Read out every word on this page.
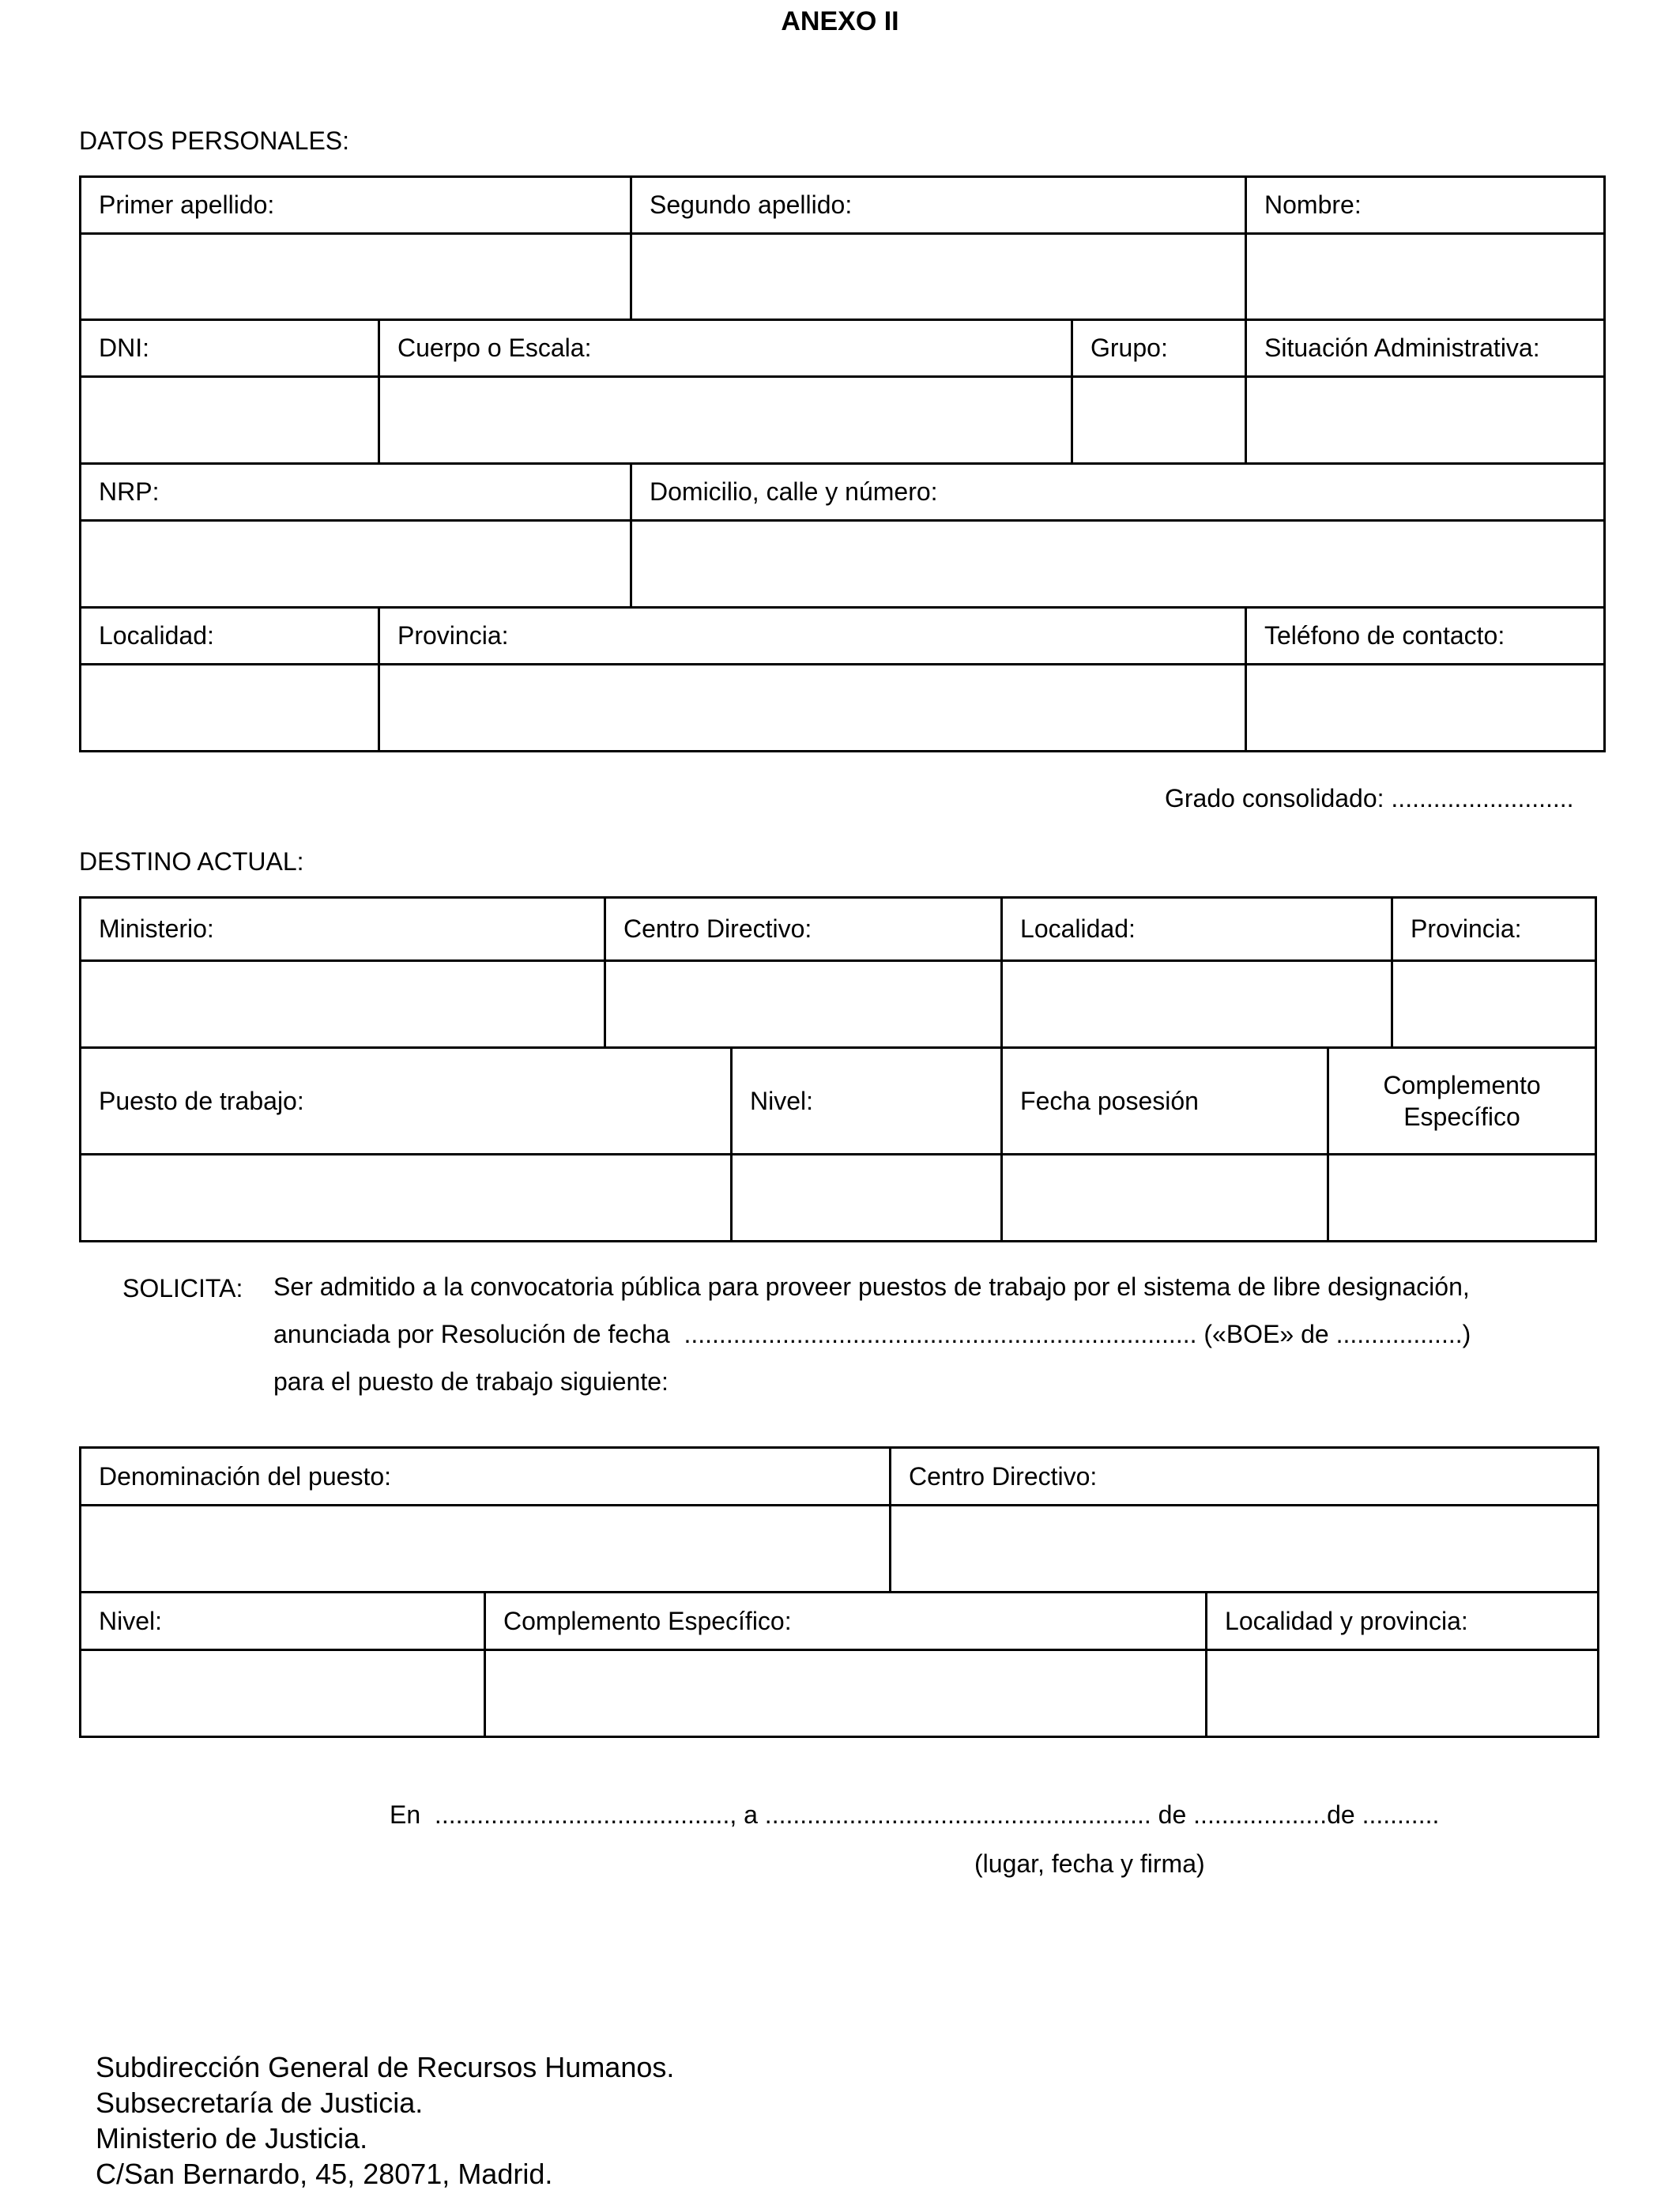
ANEXO II
DATOS PERSONALES:
Primer apellido:		Segundo apellido:		Nombre:

DNI:	Cuerpo o Escala:		Grupo:	Situación Administrativa:

NRP:		Domicilio, calle y número:		

Localidad:	Provincia:			Teléfono de contacto:

Grado consolidado: ..........................
DESTINO ACTUAL:
Ministerio:	Centro Directivo:		Localidad:		Provincia:

Puesto de trabajo:		Nivel:	Fecha posesión	Complemento Específico	

SOLICITA: Ser admitido a la convocatoria pública para proveer puestos de trabajo por el sistema de libre designación,
anunciada por Resolución de fecha  ......................................................................... («BOE» de ..................)
para el puesto de trabajo siguiente:
Denominación del puesto:		Centro Directivo:	

Nivel:	Complemento Específico:		Localidad y provincia:

En  .........................................., a ....................................................... de ...................de ...........
(lugar, fecha y firma)
Subdirección General de Recursos Humanos.
Subsecretaría de Justicia.
Ministerio de Justicia.
C/San Bernardo, 45, 28071, Madrid.
